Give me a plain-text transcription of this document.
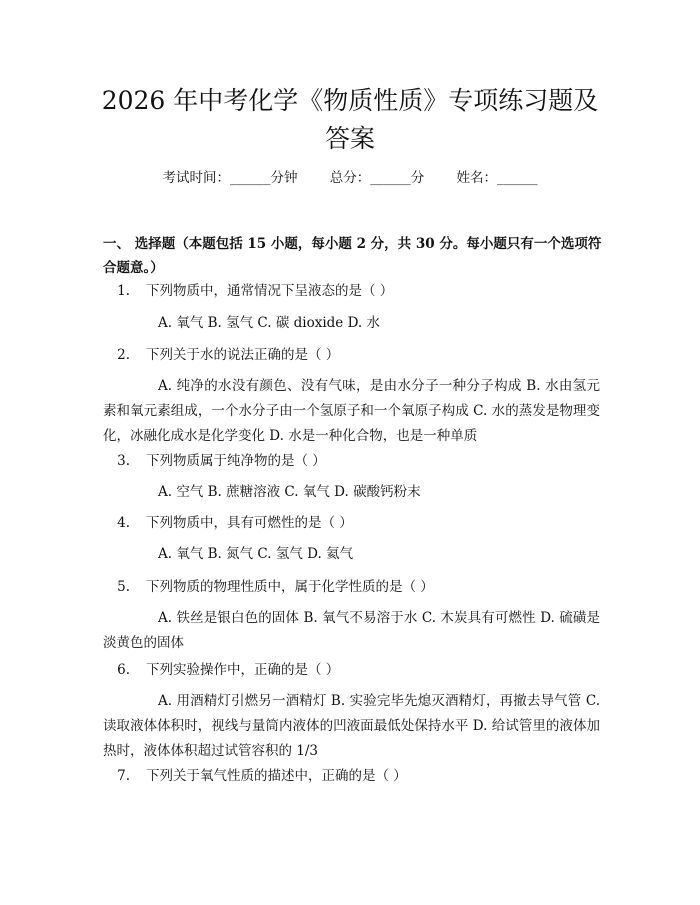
2026 年中考化学《物质性质》专项练习题及答案
考试时间：______分钟 总分：______分 姓名：______

一、 选择题（本题包括 15 小题，每小题 2 分，共 30 分。每小题只有一个选项符合题意。）

1. 下列物质中，通常情况下呈液态的是（ ）

A. 氧气 B. 氢气 C. 碳 dioxide D. 水

2. 下列关于水的说法正确的是（ ）

A. 纯净的水没有颜色、没有气味，是由水分子一种分子构成 B. 水由氢元素和氧元素组成，一个水分子由一个氢原子和一个氧原子构成 C. 水的蒸发是物理变化，冰融化成水是化学变化 D. 水是一种化合物，也是一种单质

3. 下列物质属于纯净物的是（ ）

A. 空气 B. 蔗糖溶液 C. 氧气 D. 碳酸钙粉末

4. 下列物质中，具有可燃性的是（ ）

A. 氧气 B. 氮气 C. 氢气 D. 氦气

5. 下列物质的物理性质中，属于化学性质的是（ ）

A. 铁丝是银白色的固体 B. 氧气不易溶于水 C. 木炭具有可燃性 D. 硫磺是淡黄色的固体

6. 下列实验操作中，正确的是（ ）

A. 用酒精灯引燃另一酒精灯 B. 实验完毕先熄灭酒精灯，再撤去导气管 C. 读取液体体积时，视线与量筒内液体的凹液面最低处保持水平 D. 给试管里的液体加热时，液体体积超过试管容积的 1/3

7. 下列关于氧气性质的描述中，正确的是（ ）
